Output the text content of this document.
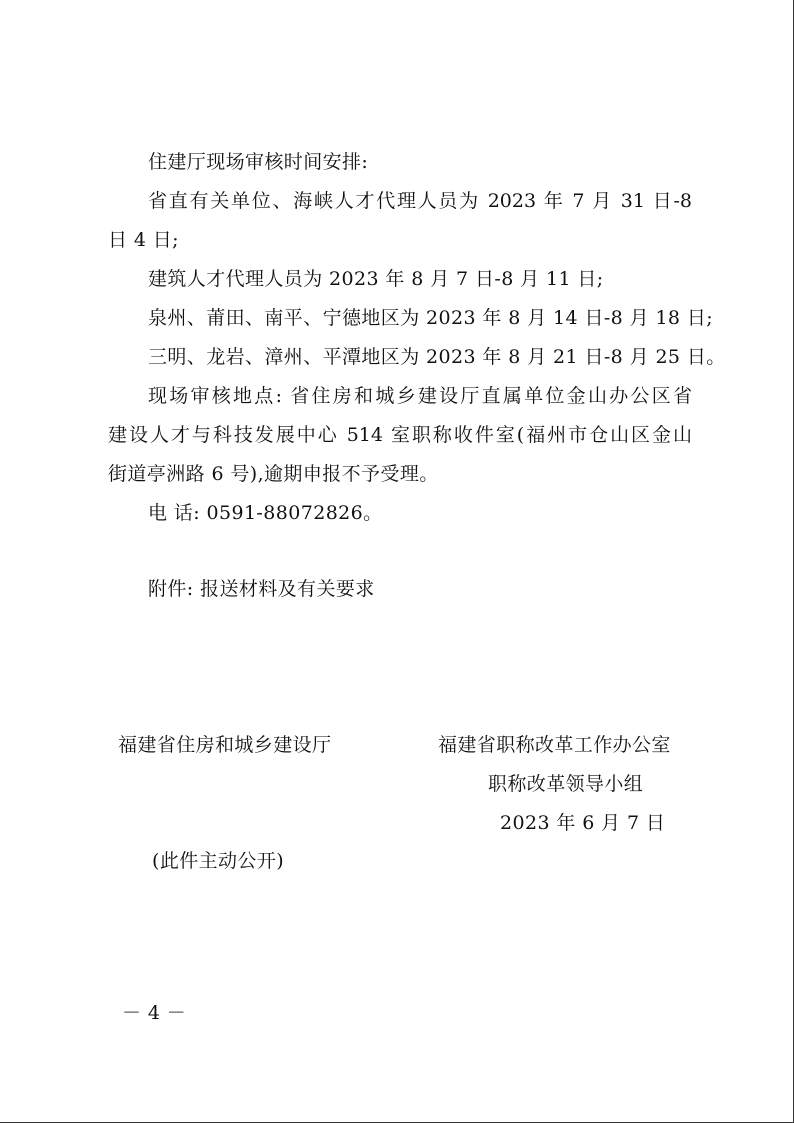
住建厅现场审核时间安排:
省直有关单位、海峡人才代理人员为 2023 年 7 月 31 日-8
日 4 日;
建筑人才代理人员为 2023 年 8 月 7 日-8 月 11 日;
泉州、莆田、南平、宁德地区为 2023 年 8 月 14 日-8 月 18 日;
三明、龙岩、漳州、平潭地区为 2023 年 8 月 21 日-8 月 25 日。
现场审核地点: 省住房和城乡建设厅直属单位金山办公区省
建设人才与科技发展中心 514 室职称收件室(福州市仓山区金山
街道亭洲路 6 号),逾期申报不予受理。
电 话: 0591-88072826。
附件: 报送材料及有关要求
福建省住房和城乡建设厅	福建省职称改革工作办公室
职称改革领导小组
2023 年 6 月 7 日
(此件主动公开)
－ 4 －
